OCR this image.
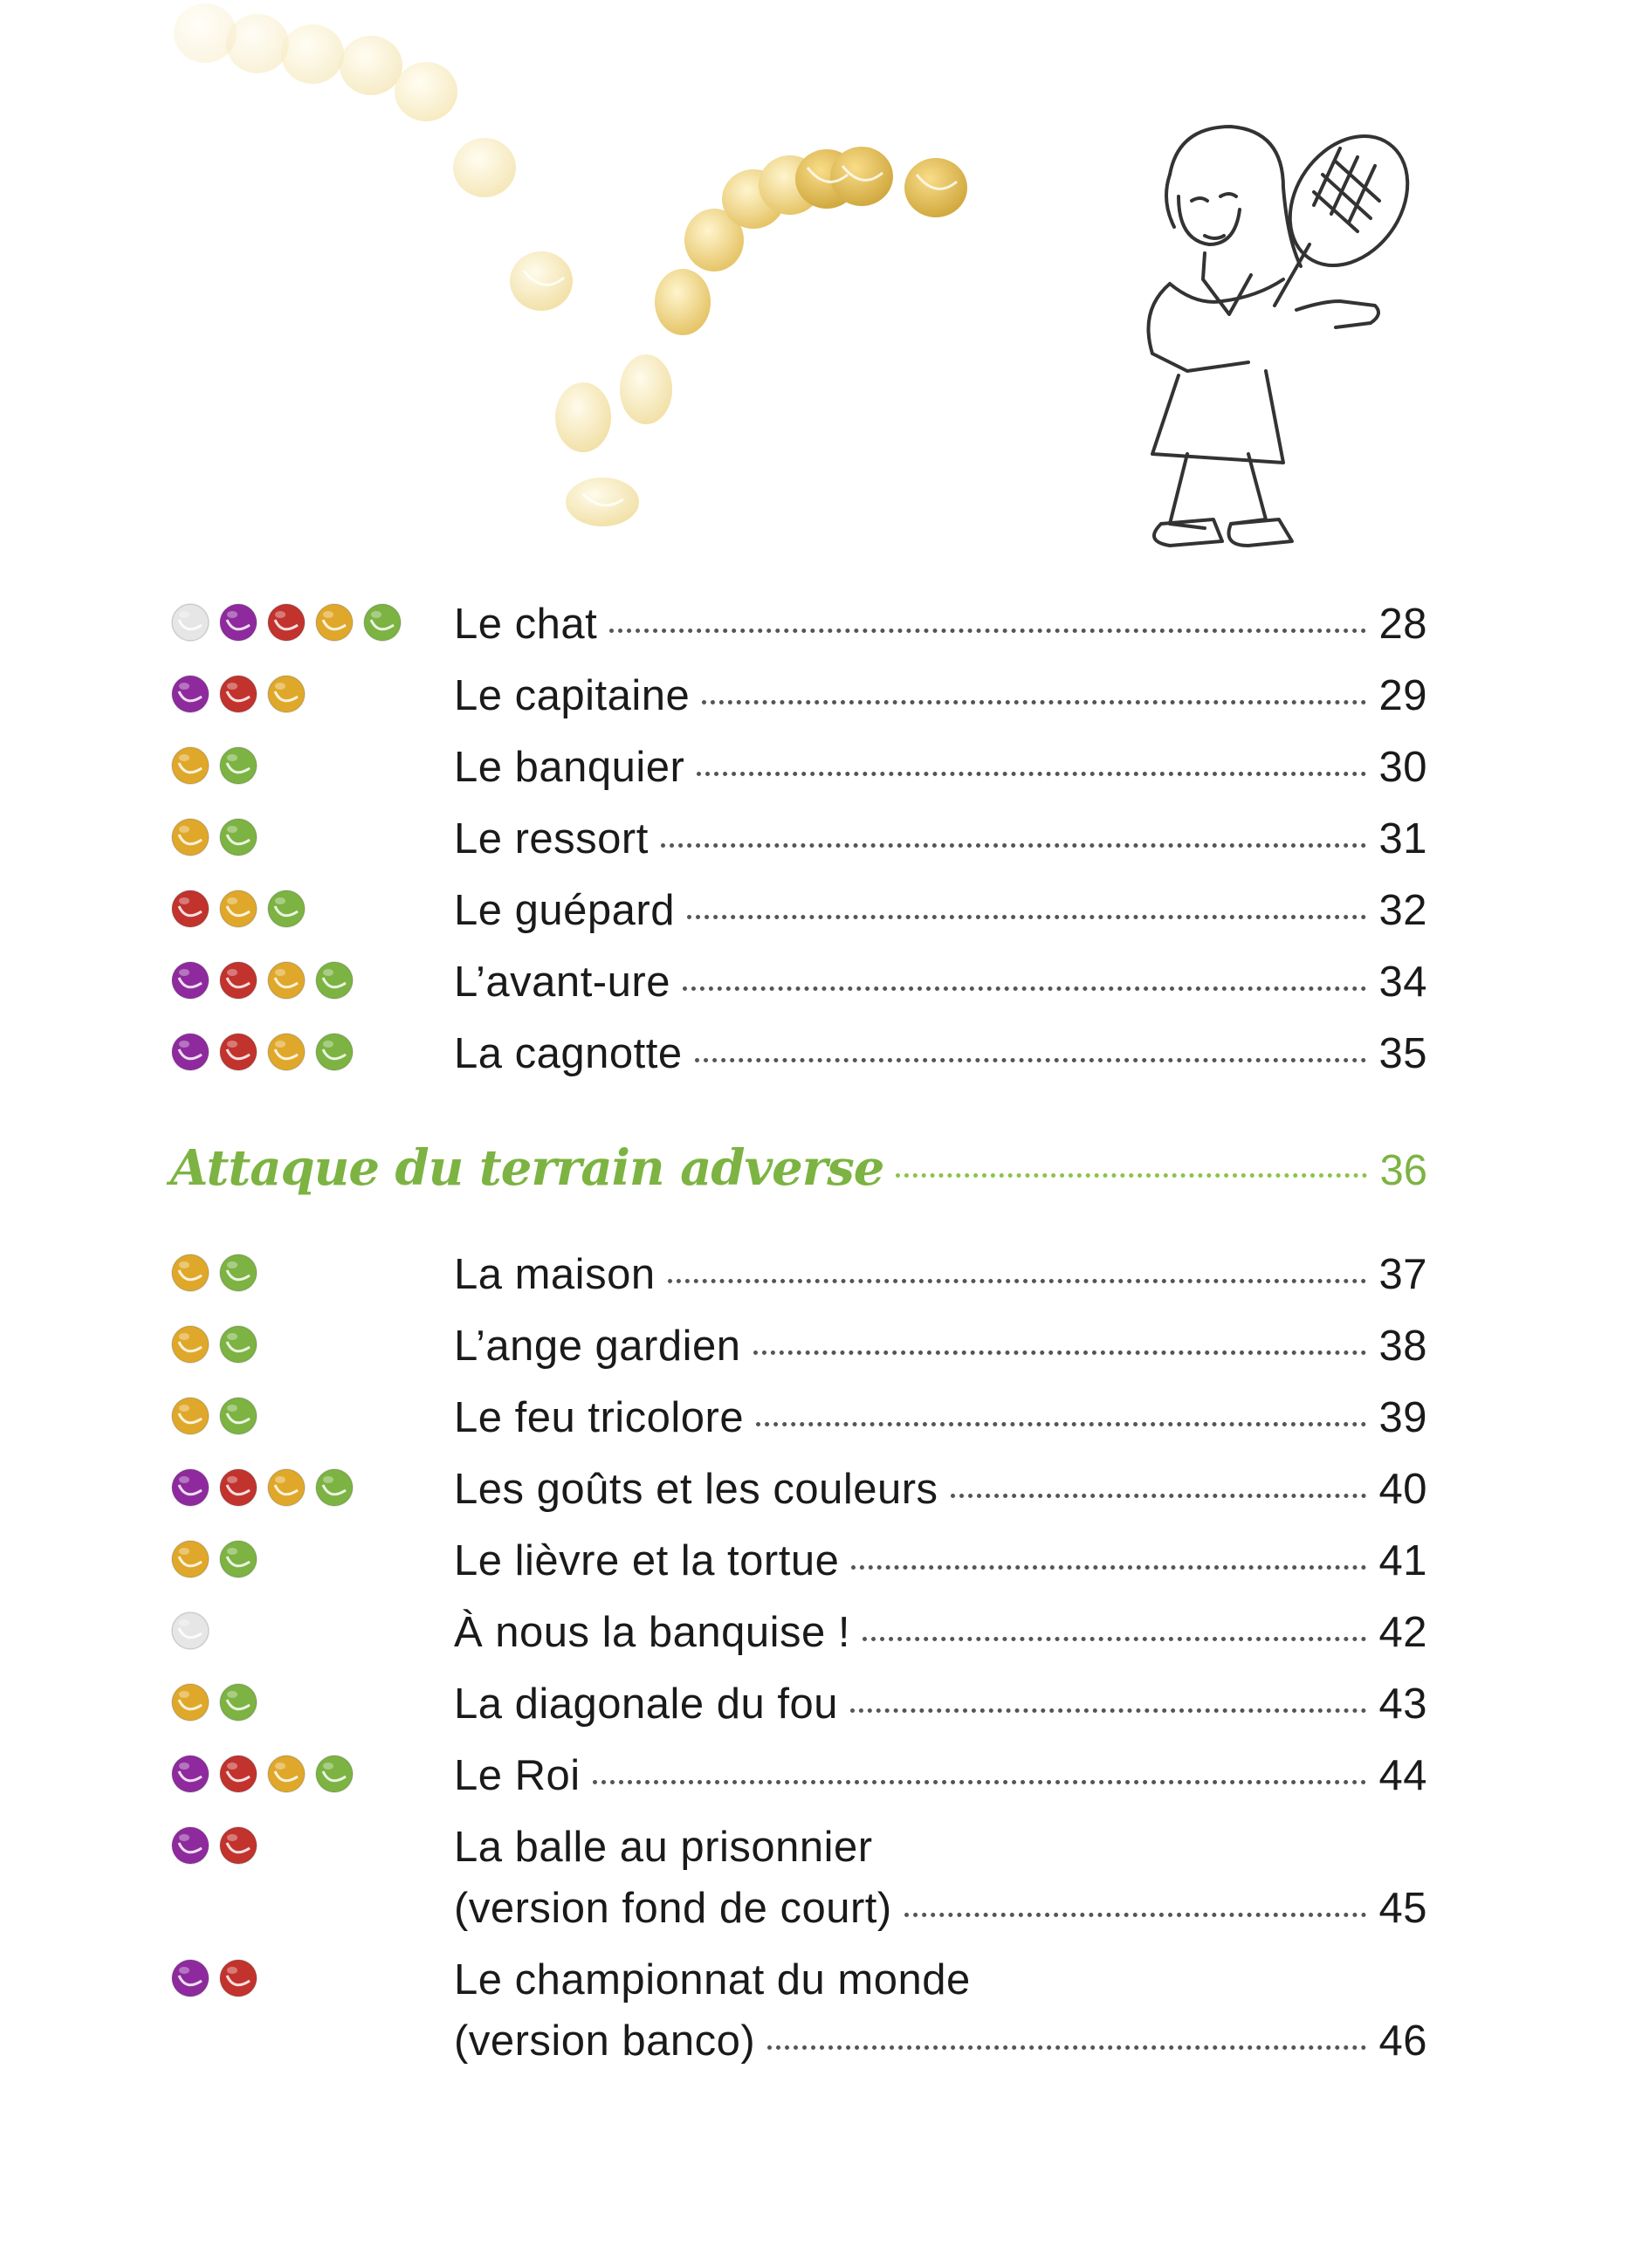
Le chat	28
Le capitaine	29
Le banquier	30
Le ressort	31
Le guépard	32
L’avant-ure	34
La cagnotte	35
Attaque du terrain adverse	36
La maison	37
L’ange gardien	38
Le feu tricolore	39
Les goûts et les couleurs	40
Le lièvre et la tortue	41
À nous la banquise !	42
La diagonale du fou	43
Le Roi	44
La balle au prisonnier
(version fond de court)	45
Le championnat du monde
(version banco)	46
